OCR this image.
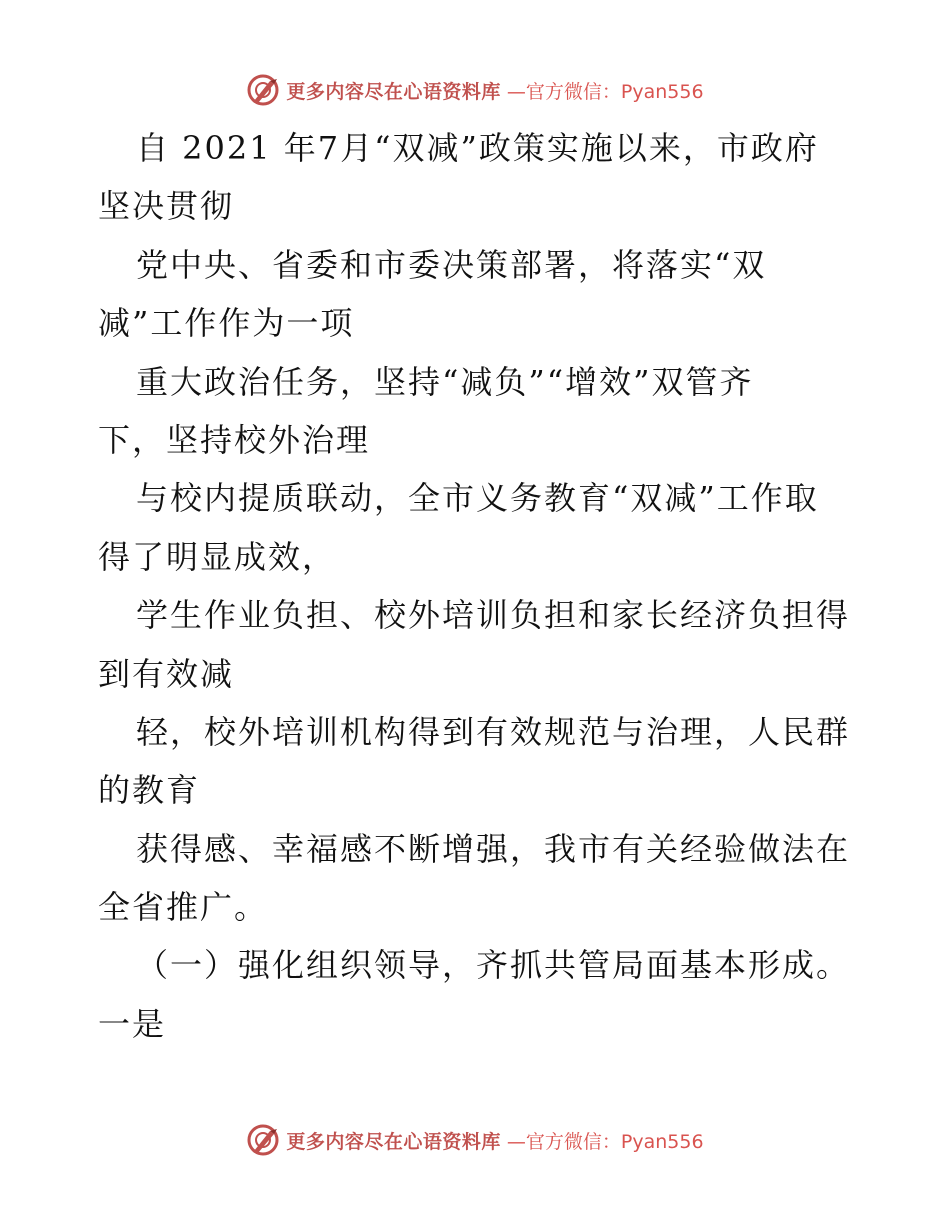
更多内容尽在心语资料库 —官方微信：Pyan556
自 2021 年7月“双减”政策实施以来，市政府
坚决贯彻
党中央、省委和市委决策部署，将落实“双
减”工作作为一项
重大政治任务，坚持“减负”“增效”双管齐
下，坚持校外治理
与校内提质联动，全市义务教育“双减”工作取
得了明显成效，
学生作业负担、校外培训负担和家长经济负担得
到有效减
轻，校外培训机构得到有效规范与治理，人民群
的教育
获得感、幸福感不断增强，我市有关经验做法在
全省推广。
（一）强化组织领导，齐抓共管局面基本形成。
一是
更多内容尽在心语资料库 —官方微信：Pyan556
